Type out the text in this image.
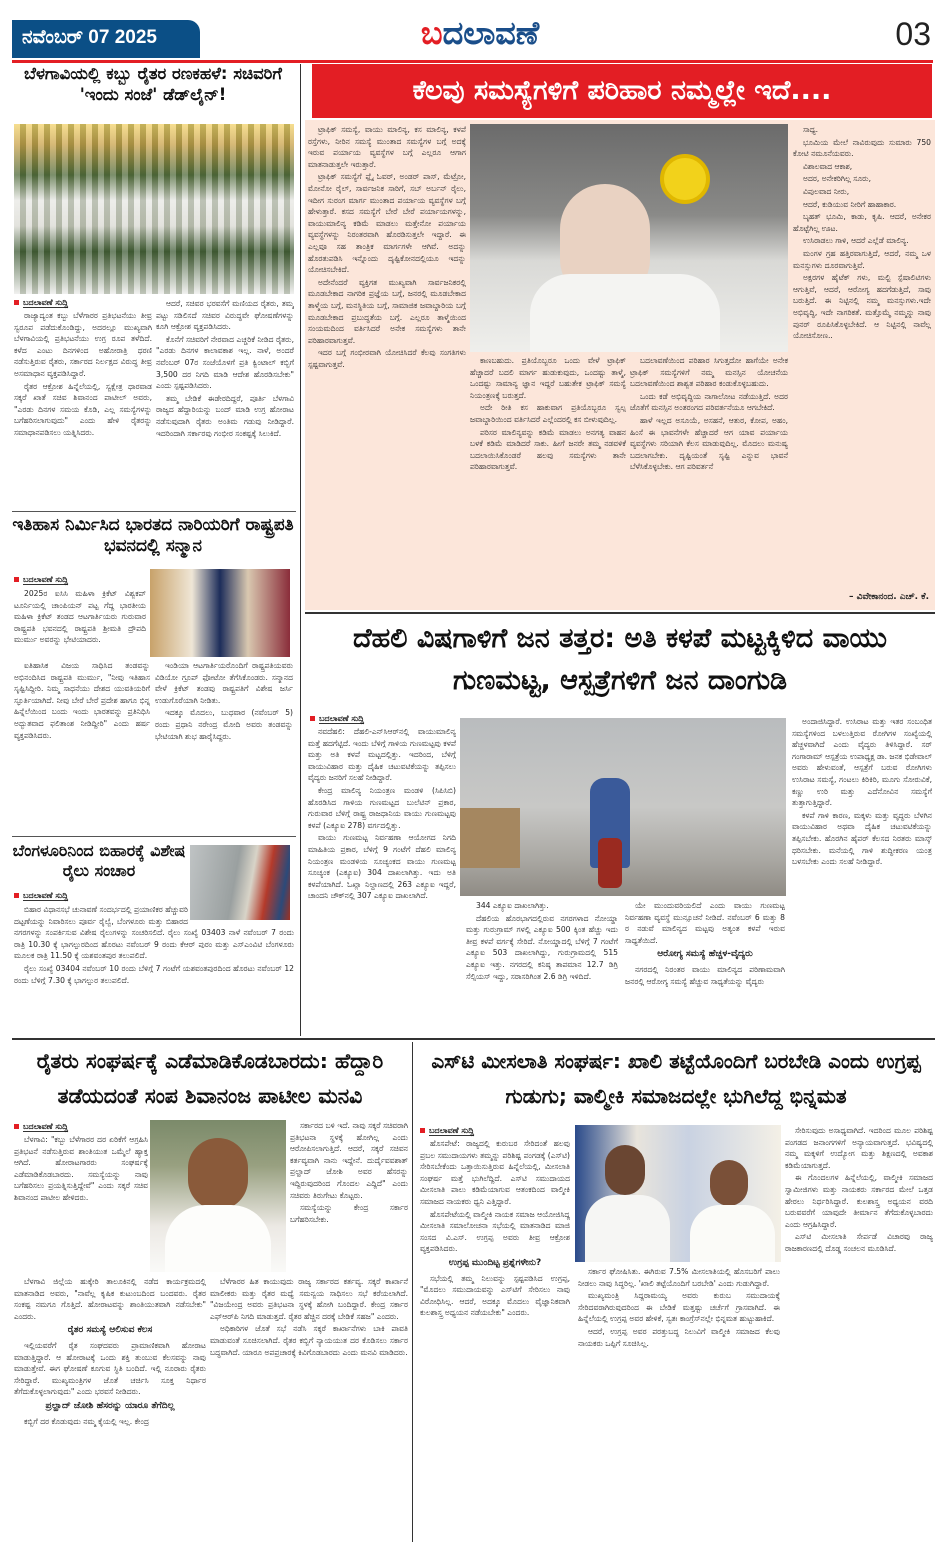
ನವೆಂಬರ್ 07 2025	ಬದಲಾವಣೆ	03
ಬೆಳಗಾವಿಯಲ್ಲಿ ಕಬ್ಬು ರೈತರ ರಣಕಹಳೆ: ಸಚಿವರಿಗೆ 'ಇಂದು ಸಂಜೆ' ಡೆಡ್‌ಲೈನ್!
ಬದಲಾವಣೆ ಸುದ್ದಿ

ರಾಜ್ಯಾದ್ಯಂತ ಕಬ್ಬು ಬೆಳೆಗಾರರ ಪ್ರತಿಭಟನೆಯು ತೀವ್ರ ಸ್ವರೂಪ ಪಡೆದುಕೊಂಡಿದ್ದು, ಅದರಲ್ಲೂ ಮುಖ್ಯವಾಗಿ ಬೆಳಗಾವಿಯಲ್ಲಿ ಪ್ರತಿಭಟನೆಯು ಉಗ್ರ ರೂಪ ತಳೆದಿದೆ. ಕಳೆದ ಎಂಟು ದಿನಗಳಿಂದ ಅಹೋರಾತ್ರಿ ಧರಣಿ ನಡೆಸುತ್ತಿರುವ ರೈತರು, ಸರ್ಕಾರದ ನಿರ್ಲಕ್ಷದ ವಿರುದ್ಧ ತೀವ್ರ ಅಸಮಾಧಾನ ವ್ಯಕ್ತಪಡಿಸಿದ್ದಾರೆ.

ರೈತರ ಆಕ್ರೋಶ ಹಿನ್ನೆಲೆಯಲ್ಲಿ, ಸ್ವಕ್ಷೇತ್ರ ಧಾರವಾಡ ಸಕ್ಕರೆ ಖಾತೆ ಸಚಿವ ಶಿವಾನಂದ ಪಾಟೀಲ್ ಅವರು, "ಎರಡು ದಿನಗಳ ಸಮಯ ಕೊಡಿ, ಎಲ್ಲ ಸಮಸ್ಯೆಗಳನ್ನು ಬಗೆಹರಿಸಲಾಗುವುದು" ಎಂದು ಹೇಳಿ ರೈತರನ್ನು ಸಮಾಧಾನಪಡಿಸಲು ಯತ್ನಿಸಿದರು.

ಆದರೆ, ಸಚಿವರ ಭರವಸೆಗೆ ಮಣಿಯದ ರೈತರು, ತಮ್ಮ ಪಟ್ಟು ಸಡಿಲಿಸದೆ ಸಚಿವರ ವಿರುದ್ಧವೇ ಘೋಷಣೆಗಳನ್ನು ಕೂಗಿ ಆಕ್ರೋಶ ವ್ಯಕ್ತಪಡಿಸಿದರು.

ಕೊನೆಗೆ ಸಚಿವರಿಗೆ ನೇರವಾದ ಎಚ್ಚರಿಕೆ ನೀಡಿದ ರೈತರು, "ಎರಡು ದಿನಗಳ ಕಾಲಾವಕಾಶ ಇಲ್ಲ. ನಾಳೆ, ಅಂದರೆ ನವೆಂಬರ್ 07ರ ಸಂಜೆಯೊಳಗೆ ಪ್ರತಿ ಕ್ವಿಂಟಾಲ್ ಕಬ್ಬಿಗೆ 3,500 ದರ ನಿಗದಿ ಮಾಡಿ ಆದೇಶ ಹೊರಡಿಸಬೇಕು" ಎಂದು ಸ್ಪಷ್ಟಪಡಿಸಿದರು.

ತಮ್ಮ ಬೇಡಿಕೆ ಈಡೇರದಿದ್ದರೆ, ಪೂರ್ತಿ ಬೆಳಗಾವಿ ರಾಜ್ಯದ ಹೆದ್ದಾರಿಯನ್ನು ಬಂದ್ ಮಾಡಿ ಉಗ್ರ ಹೋರಾಟ ನಡೆಸುವುದಾಗಿ ರೈತರು ಅಂತಿಮ ಗಡುವು ನೀಡಿದ್ದಾರೆ. ಇದರಿಂದಾಗಿ ಸರ್ಕಾರವು ಗಂಭೀರ ಸಂಕಷ್ಟಕ್ಕೆ ಸಿಲುಕಿದೆ.

ಇತಿಹಾಸ ನಿರ್ಮಿಸಿದ ಭಾರತದ ನಾರಿಯರಿಗೆ ರಾಷ್ಟ್ರಪತಿ ಭವನದಲ್ಲಿ ಸನ್ಮಾನ
ಬದಲಾವಣೆ ಸುದ್ದಿ

2025ರ ಐಸಿಸಿ ಮಹಿಳಾ ಕ್ರಿಕೆಟ್ ವಿಶ್ವಕಪ್ ಟೂರ್ನಿಯಲ್ಲಿ ಚಾಂಪಿಯನ್ ಪಟ್ಟ ಗೆದ್ದ ಭಾರತೀಯ ಮಹಿಳಾ ಕ್ರಿಕೆಟ್ ತಂಡದ ಆಟಗಾರ್ತಿಯರು ಗುರುವಾರ ರಾಷ್ಟ್ರಪತಿ ಭವನದಲ್ಲಿ ರಾಷ್ಟ್ರಪತಿ ಶ್ರೀಮತಿ ದ್ರೌಪದಿ ಮುರ್ಮು ಅವರನ್ನು ಭೇಟಿಯಾದರು.

ಐತಿಹಾಸಿಕ ವಿಜಯ ಸಾಧಿಸಿದ ತಂಡವನ್ನು ಅಭಿನಂದಿಸಿದ ರಾಷ್ಟ್ರಪತಿ ಮುರ್ಮು, "ನೀವು ಇತಿಹಾಸ ಸೃಷ್ಟಿಸಿದ್ದೀರಿ. ನಿಮ್ಮ ಸಾಧನೆಯು ದೇಶದ ಯುವತಿಯರಿಗೆ ಸ್ಫೂರ್ತಿಯಾಗಿದೆ. ನೀವು ಬೇರೆ ಬೇರೆ ಪ್ರದೇಶ ಹಾಗೂ ಭಿನ್ನ ಹಿನ್ನೆಲೆಯಿಂದ ಬಂದು ಇಂದು ಭಾರತವನ್ನು ಪ್ರತಿನಿಧಿಸಿ ಅದ್ಭುತವಾದ ಫಲಿತಾಂಶ ನೀಡಿದ್ದೀರಿ" ಎಂದು ಹರ್ಷ ವ್ಯಕ್ತಪಡಿಸಿದರು.

ಇಂಡಿಯಾ ಆಟಗಾರ್ತಿಯರೊಂದಿಗೆ ರಾಷ್ಟ್ರಪತಿಯವರು ವಿಡಿಯೋ ಗ್ರೂಪ್ ಫೋಟೋ ತೆಗೆಸಿಕೊಂಡರು. ಸನ್ಮಾನದ ವೇಳೆ ಕ್ರಿಕೆಟ್ ತಂಡವು ರಾಷ್ಟ್ರಪತಿಗೆ ವಿಶೇಷ ಜರ್ಸಿ ಉಡುಗೊರೆಯಾಗಿ ನೀಡಿತು.

ಇದಕ್ಕೂ ಮೊದಲು, ಬುಧವಾರ (ನವೆಂಬರ್ 5) ರಂದು ಪ್ರಧಾನಿ ನರೇಂದ್ರ ಮೋದಿ ಅವರು ತಂಡವನ್ನು ಭೇಟಿಯಾಗಿ ಶುಭ ಹಾರೈಸಿದ್ದರು.

ಬೆಂಗಳೂರಿನಿಂದ ಬಿಹಾರಕ್ಕೆ ವಿಶೇಷ ರೈಲು ಸಂಚಾರ
ಬದಲಾವಣೆ ಸುದ್ದಿ

ಬಿಹಾರ ವಿಧಾನಸಭೆ ಚುನಾವಣೆ ಸಂದರ್ಭದಲ್ಲಿ ಪ್ರಯಾಣಿಕರ ಹೆಚ್ಚುವರಿ ದಟ್ಟಣೆಯನ್ನು ನಿವಾರಿಸಲು ಪೂರ್ವ ರೈಲ್ವೆ, ಬೆಂಗಳೂರು ಮತ್ತು ಬಿಹಾರದ ನಗರಗಳನ್ನು ಸಂಪರ್ಕಿಸುವ ವಿಶೇಷ ರೈಲುಗಳನ್ನು ಸಂಚರಿಸಲಿದೆ. ರೈಲು ಸಂಖ್ಯೆ 03403 ನಾಳೆ ನವೆಂಬರ್ 7 ರಂದು ರಾತ್ರಿ 10.30 ಕ್ಕೆ ಭಾಗಲ್ಪುರದಿಂದ ಹೊರಟು ನವೆಂಬರ್ 9 ರಂದು ಕೆಆರ್ ಪುರಂ ಮತ್ತು ಎಸ್‌ಎಂವಿಟಿ ಬೆಂಗಳೂರು ಮೂಲಕ ರಾತ್ರಿ 11.50 ಕ್ಕೆ ಯಶವಂತಪುರ ತಲುಪಲಿದೆ.

ರೈಲು ಸಂಖ್ಯೆ 03404 ನವೆಂಬರ್ 10 ರಂದು ಬೆಳಿಗ್ಗೆ 7 ಗಂಟೆಗೆ ಯಶವಂತಪುರದಿಂದ ಹೊರಟು ನವೆಂಬರ್ 12 ರಂದು ಬೆಳಿಗ್ಗೆ 7.30 ಕ್ಕೆ ಭಾಗಲ್ಪುರ ತಲುಪಲಿದೆ.

ಕೆಲವು ಸಮಸ್ಯೆಗಳಿಗೆ ಪರಿಹಾರ ನಮ್ಮಲ್ಲೇ ಇದೆ....

ಟ್ರಾಫಿಕ್ ಸಮಸ್ಯೆ, ವಾಯು ಮಾಲಿನ್ಯ, ಕಸ ಮಾಲಿನ್ಯ, ಕಳಪೆ ರಸ್ತೆಗಳು, ನೀರಿನ ಸಮಸ್ಯೆ ಮುಂತಾದ ಸಮಸ್ಯೆಗಳ ಬಗ್ಗೆ ಅದಕ್ಕೆ ಇರುವ ಪರ್ಯಾಯ ವ್ಯವಸ್ಥೆಗಳ ಬಗ್ಗೆ ಎಲ್ಲರೂ ಆಗಾಗ ಮಾತನಾಡುತ್ತಲೇ ಇರುತ್ತಾರೆ.

ಟ್ರಾಫಿಕ್ ಸಮಸ್ಯೆಗೆ ಫ್ಲೈ ಓವರ್, ಅಂಡರ್ ಪಾಸ್, ಮೆಟ್ರೋ, ಮೋನೋ ರೈಲ್, ಸಾರ್ವಜನಿಕ ಸಾರಿಗೆ, ಸಬ್ ಅರ್ಬನ್ ರೈಲು, ಇದೀಗ ಸುರಂಗ ಮಾರ್ಗ ಮುಂತಾದ ಪರ್ಯಾಯ ವ್ಯವಸ್ಥೆಗಳ ಬಗ್ಗೆ ಹೇಳುತ್ತಾರೆ. ಕಸದ ಸಮಸ್ಯೆಗೆ ಬೇರೆ ಬೇರೆ ಪರ್ಯಾಯಗಳನ್ನು, ವಾಯುಮಾಲಿನ್ಯ ಕಡಿಮೆ ಮಾಡಲು ಮತ್ತೇನೋ ಪರ್ಯಾಯ ವ್ಯವಸ್ಥೆಗಳನ್ನು ನಿರಂತರವಾಗಿ ಹೊರಡಿಸುತ್ತಲೇ ಇದ್ದಾರೆ. ಈ ಎಲ್ಲವೂ ಸಹ ತಾಂತ್ರಿಕ ಮಾರ್ಗಗಳೇ ಆಗಿವೆ. ಅದನ್ನು ಹೊರತುಪಡಿಸಿ ಇನ್ನೊಂದು ದೃಷ್ಟಿಕೋನದಲ್ಲಿಯೂ ಇದನ್ನು ಯೋಚಿಸಬೇಕಿದೆ.

ಅದೇನೆಂದರೆ ವ್ಯಕ್ತಿಗತ ಮುಖ್ಯವಾಗಿ ಸಾರ್ವಜನಿಕರಲ್ಲಿ ಮೂಡಬೇಕಾದ ನಾಗರಿಕ ಪ್ರಜ್ಞೆಯ ಬಗ್ಗೆ, ಜನರಲ್ಲಿ ಮೂಡಬೇಕಾದ ತಾಳ್ಮೆಯ ಬಗ್ಗೆ, ಮನಸ್ಥಿತಿಯ ಬಗ್ಗೆ, ಸಾಮಾಜಿಕ ಜವಾಬ್ದಾರಿಯ ಬಗ್ಗೆ ಮೂಡಬೇಕಾದ ಪ್ರಬುದ್ಧತೆಯ ಬಗ್ಗೆ. ಎಲ್ಲರೂ ತಾಳ್ಮೆಯಿಂದ ಸಂಯಮದಿಂದ ವರ್ತಿಸಿದರೆ ಅನೇಕ ಸಮಸ್ಯೆಗಳು ತಾನೇ ಪರಿಹಾರವಾಗುತ್ತವೆ.

ಇದರ ಬಗ್ಗೆ ಗಂಭೀರವಾಗಿ ಯೋಚಿಸಿದರೆ ಕೆಲವು ಸಂಗತಿಗಳು ಸ್ಪಷ್ಟವಾಗುತ್ತವೆ.	ಕಾಣಬಹುದು. ಪ್ರತಿಯೊಬ್ಬರೂ ಒಂದು ವೇಳೆ ಟ್ರಾಫಿಕ್ ಹೆಚ್ಚಾದರೆ ಬದಲಿ ಮಾರ್ಗ ಹುಡುಕುವುದು, ಒಂದಷ್ಟು ತಾಳ್ಮೆ, ಒಂದಷ್ಟು ಸಾಮಾನ್ಯ ಜ್ಞಾನ ಇದ್ದರೆ ಬಹುತೇಕ ಟ್ರಾಫಿಕ್ ಸಮಸ್ಯೆ ನಿಯಂತ್ರಣಕ್ಕೆ ಬರುತ್ತದೆ.

ಅದೇ ರೀತಿ ಕಸ ಹಾಕುವಾಗ ಪ್ರತಿಯೊಬ್ಬರೂ ಸ್ವಲ್ಪ ಜವಾಬ್ದಾರಿಯಿಂದ ವರ್ತಿಸಿದರೆ ಎಲ್ಲೆಂದರಲ್ಲಿ ಕಸ ಬೀಳುವುದಿಲ್ಲ.

ಪರಿಸರ ಮಾಲಿನ್ಯವನ್ನು ಕಡಿಮೆ ಮಾಡಲು ಅನಗತ್ಯ ವಾಹನ ಬಳಕೆ ಕಡಿಮೆ ಮಾಡಿದರೆ ಸಾಕು. ಹೀಗೆ ಜನರೇ ತಮ್ಮ ನಡವಳಿಕೆ ಬದಲಾಯಿಸಿಕೊಂಡರೆ ಹಲವು ಸಮಸ್ಯೆಗಳು ತಾನೇ ಪರಿಹಾರವಾಗುತ್ತವೆ.

ಬದಲಾವಣೆಯಿಂದ ಪರಿಹಾರ ಸಿಗುತ್ತದೋ ಹಾಗೆಯೇ ಅನೇಕ ಟ್ರಾಫಿಕ್ ಸಮಸ್ಯೆಗಳಿಗೆ ನಮ್ಮ ಮನಸ್ಸಿನ ಯೋಚನೆಯ ಬದಲಾವಣೆಯಿಂದ ಶಾಶ್ವತ ಪರಿಹಾರ ಕಂಡುಕೊಳ್ಳಬಹುದು.

ಒಂದು ಕಡೆ ಅಭಿವೃದ್ಧಿಯ ನಾಗಾಲೋಟ ನಡೆಯುತ್ತಿದೆ. ಅದರ ಜೊತೆಗೆ ಮನಸ್ಸಿನ ಅಂತರಂಗದ ಪರಿವರ್ತನೆಯೂ ಆಗಬೇಕಿದೆ.

ಹಾಳೆ ಇಲ್ಲದ ಅಸೂಯೆ, ಅಸಹನೆ, ಆತುರ, ಕೋಪ, ಅಹಂ, ಹಿಂಸೆ ಈ ಭಾವನೆಗಳೇ ಹೆಚ್ಚಾದರೆ ಆಗ ಯಾವ ಪರ್ಯಾಯ ವ್ಯವಸ್ಥೆಗಳು ಸರಿಯಾಗಿ ಕೆಲಸ ಮಾಡುವುದಿಲ್ಲ. ಮೊದಲು ಮನುಷ್ಯ ಬದಲಾಗಬೇಕು. ದೃಷ್ಟಿಯಂತೆ ಸೃಷ್ಟಿ ಎನ್ನುವ ಭಾವನೆ ಬೆಳೆಸಿಕೊಳ್ಳಬೇಕು. ಆಗ ಪರಿವರ್ತನೆ

ಸಾಧ್ಯ.

ಭೂಮಿಯ ಮೇಲೆ ನಾವಿರುವುದು ಸುಮಾರು 750 ಕೋಟಿ ನಮೂನೆಯವರು.

ವಿಶಾಲವಾದ ಆಕಾಶ,

ಅದರ, ಅನೇಕರಿಗಿಲ್ಲ ಸೂರು,

ವಿಪುಲವಾದ ನೀರು,

ಆದರೆ, ಕುಡಿಯುವ ನೀರಿಗೆ ಹಾಹಾಕಾರ.

ಬೃಹತ್ ಭೂಮಿ, ಕಾಡು, ಕೃಷಿ. ಆದರೆ, ಅನೇಕರ ಹೊಟ್ಟೆಗಿಲ್ಲ ಊಟ.

ಉಸಿರಾಡಲು ಗಾಳಿ, ಆದರೆ ಎಲ್ಲೆಡೆ ಮಾಲಿನ್ಯ.

ಮಂಗಳ ಗ್ರಹ ಹತ್ತಿರವಾಗುತ್ತಿದೆ, ಆದರೆ, ನಮ್ಮ ಒಳ ಮನಸ್ಸುಗಳು ದೂರವಾಗುತ್ತಿವೆ.

ಅಕ್ಷರಗಳ ಹೈಟೆಕ್ ಗಳು, ಮಲ್ಟಿ ಸ್ಪೆಷಾಲಿಟಿಗಳು ಆಗುತ್ತಿವೆ, ಆದರೆ, ಆರೋಗ್ಯ ಹದಗೆಡುತ್ತಿದೆ, ಸಾವು ಬರುತ್ತಿದೆ. ಈ ನಿಟ್ಟಿನಲ್ಲಿ ನಮ್ಮ ಮನಸ್ಸುಗಳು.ಇದೇ ಅಭಿವೃದ್ಧಿ, ಇದೇ ನಾಗರಿಕತೆ. ಮತ್ತೊಮ್ಮೆ ನಮ್ಮನ್ನು ನಾವು ಪುನರ್ ರೂಪಿಸಿಕೊಳ್ಳಬೇಕಿದೆ. ಆ ನಿಟ್ಟಿನಲ್ಲಿ ನಾವೆಲ್ಲ ಯೋಚಿಸೋಣ..

– ವಿವೇಕಾನಂದ. ಎಚ್. ಕೆ.
ದೆಹಲಿ ವಿಷಗಾಳಿಗೆ ಜನ ತತ್ತರ: ಅತಿ ಕಳಪೆ ಮಟ್ಟಕ್ಕಿಳಿದ ವಾಯು ಗುಣಮಟ್ಟ, ಆಸ್ಪತ್ರೆಗಳಿಗೆ ಜನ ದಾಂಗುಡಿ
ಬದಲಾವಣೆ ಸುದ್ದಿ

ನವದೆಹಲಿ: ದೆಹಲಿ-ಎನ್‌ಸಿಆರ್‌ನಲ್ಲಿ ವಾಯುಮಾಲಿನ್ಯ ಮತ್ತೆ ಹದಗೆಟ್ಟಿದೆ. ಇಂದು ಬೆಳಿಗ್ಗೆ ಗಾಳಿಯ ಗುಣಮಟ್ಟವು ಕಳಪೆ ಮತ್ತು ಅತಿ ಕಳಪೆ ಮಟ್ಟದಲ್ಲಿತ್ತು. ಇದರಿಂದ, ಬೆಳಿಗ್ಗೆ ವಾಯುವಿಹಾರ ಮತ್ತು ದೈಹಿಕ ಚಟುವಟಿಕೆಯನ್ನು ತಪ್ಪಿಸಲು ವೈದ್ಯರು ಜನರಿಗೆ ಸಲಹೆ ನೀಡಿದ್ದಾರೆ.

ಕೇಂದ್ರ ಮಾಲಿನ್ಯ ನಿಯಂತ್ರಣ ಮಂಡಳಿ (ಸಿಪಿಸಿಬಿ) ಹೊರಡಿಸಿದ ಗಾಳಿಯ ಗುಣಮಟ್ಟದ ಬುಲೆಟಿನ್ ಪ್ರಕಾರ, ಗುರುವಾರ ಬೆಳಿಗ್ಗೆ ರಾಷ್ಟ್ರ ರಾಜಧಾನಿಯ ವಾಯು ಗುಣಮಟ್ಟವು ಕಳಪೆ (ಎಕ್ಯೂಐ 278) ವರ್ಗದಲ್ಲಿತ್ತು.

ವಾಯು ಗುಣಮಟ್ಟ ನಿರ್ವಹಣಾ ಆಯೋಗದ ನಿಗದಿ ಮಾಹಿತಿಯ ಪ್ರಕಾರ, ಬೆಳಿಗ್ಗೆ 9 ಗಂಟೆಗೆ ದೆಹಲಿ ಮಾಲಿನ್ಯ ನಿಯಂತ್ರಣ ಮಂಡಳಿಯ ಸೂಚ್ಯಂಕದ ವಾಯು ಗುಣಮಟ್ಟ ಸೂಚ್ಯಂಕ (ಎಕ್ಯೂಐ) 304 ದಾಖಲಾಗಿತ್ತು. ಇದು ಅತಿ ಕಳಪೆಯಾಗಿದೆ. ಓಖ್ಲಾ ನಿಲ್ದಾಣದಲ್ಲಿ 263 ಎಕ್ಯೂಐ ಇದ್ದರೆ, ಚಾಂದನಿ ಚೌಕ್‌ನಲ್ಲಿ 307 ಎಕ್ಯೂಐ ದಾಖಲಾಗಿದೆ.

344 ಎಕ್ಯೂಐ ದಾಖಲಾಗಿತ್ತು.

ದೆಹಲಿಯ ಹೊರಭಾಗದಲ್ಲಿರುವ ನಗರಗಳಾದ ನೋಯ್ಡಾ ಮತ್ತು ಗುರುಗ್ರಾಮ್ ಗಳಲ್ಲಿ ಎಕ್ಯೂಐ 500 ಕ್ಕಿಂತ ಹೆಚ್ಚು ಇದು ತೀವ್ರ ಕಳಪೆ ವರ್ಗಕ್ಕೆ ಸೇರಿದೆ. ನೋಯ್ಡಾದಲ್ಲಿ ಬೆಳಿಗ್ಗೆ 7 ಗಂಟೆಗೆ ಎಕ್ಯೂಐ 503 ದಾಖಲಾಗಿದ್ದು, ಗುರುಗ್ರಾಮದಲ್ಲಿ 515 ಎಕ್ಯೂಐ ಇತ್ತು. ನಗರದಲ್ಲಿ ಕನಿಷ್ಠ ತಾಪಮಾನ 12.7 ಡಿಗ್ರಿ ಸೆಲ್ಸಿಯಸ್ ಇದ್ದು, ಸರಾಸರಿಗಿಂತ 2.6 ಡಿಗ್ರಿ ಇಳಿದಿದೆ.

ಯೇ ಮುಂದುವರಿಯಲಿದೆ ಎಂದು ವಾಯು ಗುಣಮಟ್ಟ ನಿರ್ವಹಣಾ ವ್ಯವಸ್ಥೆ ಮುನ್ಸೂಚನೆ ನೀಡಿದೆ. ನವೆಂಬರ್ 6 ಮತ್ತು 8 ರ ನಡುವೆ ಮಾಲಿನ್ಯದ ಮಟ್ಟವು ಅತ್ಯಂತ ಕಳಪೆ ಇರುವ ಸಾಧ್ಯತೆಯಿದೆ.

ಆರೋಗ್ಯ ಸಮಸ್ಯೆ ಹೆಚ್ಚಳ-ವೈದ್ಯರು

ನಗರದಲ್ಲಿ ನಿರಂತರ ವಾಯು ಮಾಲಿನ್ಯದ ಪರಿಣಾಮವಾಗಿ ಜನರಲ್ಲಿ ಆರೋಗ್ಯ ಸಮಸ್ಯೆ ಹೆಚ್ಚುವ ಸಾಧ್ಯತೆಯನ್ನು ವೈದ್ಯರು

ಅಂದಾಜಿಸಿದ್ದಾರೆ. ಉಸಿರಾಟ ಮತ್ತು ಇತರ ಸಂಬಂಧಿತ ಸಮಸ್ಯೆಗಳಿಂದ ಬಳಲುತ್ತಿರುವ ರೋಗಿಗಳ ಸಂಖ್ಯೆಯಲ್ಲಿ ಹೆಚ್ಚಳವಾಗಿದೆ ಎಂದು ವೈದ್ಯರು ತಿಳಿಸಿದ್ದಾರೆ. ಸರ್ ಗಂಗಾರಾಮ್ ಆಸ್ಪತ್ರೆಯ ಉಪಾಧ್ಯಕ್ಷ ಡಾ. ಜನಕ ಭಿಡೇವಾಲ್ ಅವರು ಹೇಳುವಂತೆ, ಆಸ್ಪತ್ರೆಗೆ ಬರುವ ರೋಗಿಗಳು ಉಸಿರಾಟ ಸಮಸ್ಯೆ, ಗಂಟಲು ಕಿರಿಕಿರಿ, ಮೂಗು ಸೋರುವಿಕೆ, ಕಣ್ಣು ಉರಿ ಮತ್ತು ಎದೆನೋವಿನ ಸಮಸ್ಯೆಗೆ ತುತ್ತಾಗುತ್ತಿದ್ದಾರೆ.

ಕಳಪೆ ಗಾಳಿ ಕಾರಣ, ಮಕ್ಕಳು ಮತ್ತು ವೃದ್ಧರು ಬೆಳಗಿನ ವಾಯುವಿಹಾರ ಅಥವಾ ದೈಹಿಕ ಚಟುವಟಿಕೆಯನ್ನು ತಪ್ಪಿಸಬೇಕು. ಹೊರಗಿನ ಹೈಪರ್ ಕೆಲಸದ ನಿರತರು ಮಾಸ್ಕ್ ಧರಿಸಬೇಕು. ಮನೆಯಲ್ಲಿ ಗಾಳಿ ಶುದ್ಧೀಕರಣ ಯಂತ್ರ ಬಳಸಬೇಕು ಎಂದು ಸಲಹೆ ನೀಡಿದ್ದಾರೆ.

ರೈತರು ಸಂಘರ್ಷಕ್ಕೆ ಎಡೆಮಾಡಿಕೊಡಬಾರದು: ಹೆದ್ದಾರಿ ತಡೆಯದಂತೆ ಸಂಪ ಶಿವಾನಂಜ ಪಾಟೀಲ ಮನವಿ
ಬದಲಾವಣೆ ಸುದ್ದಿ

ಬೆಳಗಾವಿ: "ಕಬ್ಬು ಬೆಳೆಗಾರರ ದರ ಏರಿಕೆಗೆ ಆಗ್ರಹಿಸಿ ಪ್ರತಿಭಟನೆ ನಡೆಸುತ್ತಿರುವ ಶಾಂತಿಯುತ ಒಮ್ಮೆಲೆ ಹ್ಯಾಕ್ತ ಆಗಿದೆ. ಹೋರಾಟಗಾರರು ಸಂಘರ್ಷಕ್ಕೆ ಎಡೆಮಾಡಿಕೊಡಬಾರದು. ಸಮಸ್ಯೆಯನ್ನು ನಾವು ಬಗೆಹರಿಸಲು ಪ್ರಯತ್ನಿಸುತ್ತಿದ್ದೇವೆ" ಎಂದು ಸಕ್ಕರೆ ಸಚಿವ ಶಿವಾನಂದ ಪಾಟೀಲ ಹೇಳಿದರು.

ಸರ್ಕಾರದ ಬಳಿ ಇದೆ. ನಾವು ಸಕ್ಕರೆ ಸಚಿವರಾಗಿ ಪ್ರತಿಭಟನಾ ಸ್ಥಳಕ್ಕೆ ಹೋಗಿಲ್ಲ ಎಂದು ಆರೋಪಿಸಲಾಗುತ್ತಿದೆ. ಆದರೆ, ಸಕ್ಕರೆ ಸಚಿವನ ಕರ್ತವ್ಯವಾಗಿ ನಾನು ಇದ್ದೇನೆ. ದುರ್ದೈವವಶಾತ್ ಪ್ರಲ್ಹಾದ್ ಜೋಶಿ ಅವರ ಹೆಸರನ್ನು ಇದ್ದಿರುವುದರಿಂದ ಗೊಂದಲ ಎದ್ದಿದೆ" ಎಂದು ಸಚಿವರು ತಿರುಗೇಟು ಕೊಟ್ಟರು.

ಸಮಸ್ಯೆಯನ್ನು ಕೇಂದ್ರ ಸರ್ಕಾರ ಬಗೆಹರಿಸಬೇಕು.

ಬೆಳಗಾವಿ ಜಿಲ್ಲೆಯ ಹುಕ್ಕೇರಿ ತಾಲೂಕಿನಲ್ಲಿ ನಡೆದ ಕಾರ್ಯಕ್ರಮದಲ್ಲಿ ಮಾತನಾಡಿದ ಅವರು, "ನಾವೆಲ್ಲ ಕೃಷಿಕ ಕುಟುಂಬದಿಂದ ಬಂದವರು. ರೈತರ ಸಂಕಷ್ಟ ನಮಗೂ ಗೊತ್ತಿದೆ. ಹೋರಾಟವನ್ನು ಶಾಂತಿಯುತವಾಗಿ ನಡೆಸಬೇಕು" ಎಂದರು.

ರೈತರ ಸಮಸ್ಯೆ ಆಲಿಸುವ ಕೆಲಸ

ಇಲ್ಲಿಯವರೆಗೆ ರೈತ ಸಂಘದವರು ಪ್ರಾಮಾಣಿಕವಾಗಿ ಹೋರಾಟ ಮಾಡುತ್ತಿದ್ದಾರೆ. ಆ ಹೋರಾಟಕ್ಕೆ ಒಂದು ಶಕ್ತಿ ತುಂಬುವ ಕೆಲಸವನ್ನು ನಾವು ಮಾಡುತ್ತೇವೆ. ಈಗ ಘೋಷಣೆ ಕೂಗುವ ಸ್ಥಿತಿ ಬಂದಿದೆ. ಇಲ್ಲಿ ನೂರಾರು ರೈತರು ಸೇರಿದ್ದಾರೆ. ಮುಖ್ಯಮಂತ್ರಿಗಳ ಜೊತೆ ಚರ್ಚಿಸಿ ಸೂಕ್ತ ನಿರ್ಧಾರ ತೆಗೆದುಕೊಳ್ಳಲಾಗುವುದು" ಎಂದು ಭರವಸೆ ನೀಡಿದರು.

ಪ್ರಲ್ಹಾದ್ ಜೋಶಿ ಹೆಸರನ್ನು ಯಾರೂ ತೆಗೆದಿಲ್ಲ

ಕಬ್ಬಿಗೆ ದರ ಕೊಡುವುದು ನಮ್ಮ ಕೈಯಲ್ಲಿ ಇಲ್ಲ. ಕೇಂದ್ರ

ಬೆಳೆಗಾರರ ಹಿತ ಕಾಯುವುದು ರಾಜ್ಯ ಸರ್ಕಾರದ ಕರ್ತವ್ಯ. ಸಕ್ಕರೆ ಕಾರ್ಖಾನೆ ಮಾಲೀಕರು ಮತ್ತು ರೈತರ ಮಧ್ಯೆ ಸಮನ್ವಯ ಸಾಧಿಸಲು ಸಭೆ ಕರೆಯಲಾಗಿದೆ. "ವಿಜಯೇಂದ್ರ ಅವರು ಪ್ರತಿಭಟನಾ ಸ್ಥಳಕ್ಕೆ ಹೋಗಿ ಬಂದಿದ್ದಾರೆ. ಕೇಂದ್ರ ಸರ್ಕಾರ ಎಫ್‌ಆರ್‌ಪಿ ನಿಗದಿ ಮಾಡುತ್ತದೆ. ರೈತರ ಹೆಚ್ಚಿನ ದರಕ್ಕೆ ಬೇಡಿಕೆ ಸಹಜ" ಎಂದರು.

ಅಧಿಕಾರಿಗಳ ಜೊತೆ ಸಭೆ ನಡೆಸಿ ಸಕ್ಕರೆ ಕಾರ್ಖಾನೆಗಳು ಬಾಕಿ ಪಾವತಿ ಮಾಡುವಂತೆ ಸೂಚಿಸಲಾಗಿದೆ. ರೈತರ ಕಬ್ಬಿಗೆ ನ್ಯಾಯಯುತ ದರ ಕೊಡಿಸಲು ಸರ್ಕಾರ ಬದ್ಧವಾಗಿದೆ. ಯಾರೂ ಅಪಪ್ರಚಾರಕ್ಕೆ ಕಿವಿಗೊಡಬಾರದು ಎಂದು ಮನವಿ ಮಾಡಿದರು.

ಎಸ್‌ಟಿ ಮೀಸಲಾತಿ ಸಂಘರ್ಷ: ಖಾಲಿ ತಟ್ಟೆಯೊಂದಿಗೆ ಬರಬೇಡಿ ಎಂದು ಉಗ್ರಪ್ಪ ಗುಡುಗು; ವಾಲ್ಮೀಕಿ ಸಮಾಜದಲ್ಲೇ ಭುಗಿಲೆದ್ದ ಭಿನ್ನಮತ
ಬದಲಾವಣೆ ಸುದ್ದಿ

ಹೊಸಪೇಟೆ: ರಾಜ್ಯದಲ್ಲಿ ಕುರುಬರ ಸೇರಿದಂತೆ ಹಲವು ಪ್ರಬಲ ಸಮುದಾಯಗಳು ತಮ್ಮನ್ನು ಪರಿಶಿಷ್ಟ ಪಂಗಡಕ್ಕೆ (ಎಸ್‌ಟಿ) ಸೇರಿಸಬೇಕೆಂದು ಒತ್ತಾಯಿಸುತ್ತಿರುವ ಹಿನ್ನೆಲೆಯಲ್ಲಿ, ಮೀಸಲಾತಿ ಸಂಘರ್ಷ ಮತ್ತೆ ಭುಗಿಲೆದ್ದಿದೆ. ಎಸ್‌ಟಿ ಸಮುದಾಯದ ಮೀಸಲಾತಿ ಪಾಲು ಕಡಿಮೆಯಾಗುವ ಆತಂಕದಿಂದ ವಾಲ್ಮೀಕಿ ಸಮಾಜದ ನಾಯಕರು ಧ್ವನಿ ಎತ್ತಿದ್ದಾರೆ.

ಹೊಸಪೇಟೆಯಲ್ಲಿ ವಾಲ್ಮೀಕಿ ನಾಯಕ ಸಮಾಜ ಆಯೋಜಿಸಿದ್ದ ಮೀಸಲಾತಿ ಸಮಾಲೋಚನಾ ಸಭೆಯಲ್ಲಿ ಮಾತನಾಡಿದ ಮಾಜಿ ಸಂಸದ ವಿ.ಎಸ್. ಉಗ್ರಪ್ಪ ಅವರು ತೀವ್ರ ಆಕ್ರೋಶ ವ್ಯಕ್ತಪಡಿಸಿದರು.

ಉಗ್ರಪ್ಪ ಮುಂದಿಟ್ಟ ಪ್ರಶ್ನೆಗಳೇನು?

ಸಭೆಯಲ್ಲಿ ತಮ್ಮ ನಿಲುವನ್ನು ಸ್ಪಷ್ಟಪಡಿಸಿದ ಉಗ್ರಪ್ಪ, "ಮೊದಲು ಸಮುದಾಯವನ್ನು ಎಸ್‌ಟಿಗೆ ಸೇರಿಸಲು ನಾವು ವಿರೋಧಿಸಿಲ್ಲ. ಆದರೆ, ಅದಕ್ಕೂ ಮೊದಲು ವೈಜ್ಞಾನಿಕವಾಗಿ ಕುಲಶಾಸ್ತ್ರ ಅಧ್ಯಯನ ನಡೆಯಬೇಕು" ಎಂದರು.

ಸರ್ಕಾರ ಘೋಷಿಸಿತು. ಈಗಿರುವ 7.5% ಮೀಸಲಾತಿಯಲ್ಲಿ ಹೊಸಬರಿಗೆ ಪಾಲು ನೀಡಲು ನಾವು ಸಿದ್ಧರಿಲ್ಲ. 'ಖಾಲಿ ತಟ್ಟೆಯೊಂದಿಗೆ ಬರಬೇಡಿ' ಎಂದು ಗುಡುಗಿದ್ದಾರೆ.

ಮುಖ್ಯಮಂತ್ರಿ ಸಿದ್ದರಾಮಯ್ಯ ಅವರು ಕುರುಬ ಸಮುದಾಯಕ್ಕೆ ಸೇರಿದವರಾಗಿರುವುದರಿಂದ ಈ ಬೇಡಿಕೆ ಮತ್ತಷ್ಟು ಚರ್ಚೆಗೆ ಗ್ರಾಸವಾಗಿದೆ. ಈ ಹಿನ್ನೆಲೆಯಲ್ಲಿ ಉಗ್ರಪ್ಪ ಅವರ ಹೇಳಿಕೆ, ಸ್ವತಃ ಕಾಂಗ್ರೆಸ್‌ನಲ್ಲೇ ಭಿನ್ನಮತ ಹುಟ್ಟುಹಾಕಿದೆ.

ಆದರೆ, ಉಗ್ರಪ್ಪ ಅವರ ಪರತ್ತುಬದ್ಧ ನಿಲುವಿಗೆ ವಾಲ್ಮೀಕಿ ಸಮಾಜದ ಕೆಲವು ನಾಯಕರು ಒಪ್ಪಿಗೆ ಸೂಚಿಸಿಲ್ಲ.

ಸೇರಿಸುವುದು ಅಸಾಧ್ಯವಾಗಿದೆ. ಇದರಿಂದ ಮೂಲ ಪರಿಶಿಷ್ಟ ಪಂಗಡದ ಜನಾಂಗಗಳಿಗೆ ಅನ್ಯಾಯವಾಗುತ್ತದೆ. ಭವಿಷ್ಯದಲ್ಲಿ ನಮ್ಮ ಮಕ್ಕಳಿಗೆ ಉದ್ಯೋಗ ಮತ್ತು ಶಿಕ್ಷಣದಲ್ಲಿ ಅವಕಾಶ ಕಡಿಮೆಯಾಗುತ್ತದೆ.

ಈ ಗೊಂದಲಗಳ ಹಿನ್ನೆಲೆಯಲ್ಲಿ, ವಾಲ್ಮೀಕಿ ಸಮಾಜದ ಸ್ವಾಮೀಜಿಗಳು ಮತ್ತು ನಾಯಕರು ಸರ್ಕಾರದ ಮೇಲೆ ಒತ್ತಡ ಹೇರಲು ನಿರ್ಧರಿಸಿದ್ದಾರೆ. ಕುಲಶಾಸ್ತ್ರ ಅಧ್ಯಯನ ವರದಿ ಬರುವವರೆಗೆ ಯಾವುದೇ ತೀರ್ಮಾನ ತೆಗೆದುಕೊಳ್ಳಬಾರದು ಎಂದು ಆಗ್ರಹಿಸಿದ್ದಾರೆ.

ಎಸ್‌ಟಿ ಮೀಸಲಾತಿ ಸೇರ್ಪಡೆ ವಿಚಾರವು ರಾಜ್ಯ ರಾಜಕಾರಣದಲ್ಲಿ ದೊಡ್ಡ ಸಂಚಲನ ಮೂಡಿಸಿದೆ.
